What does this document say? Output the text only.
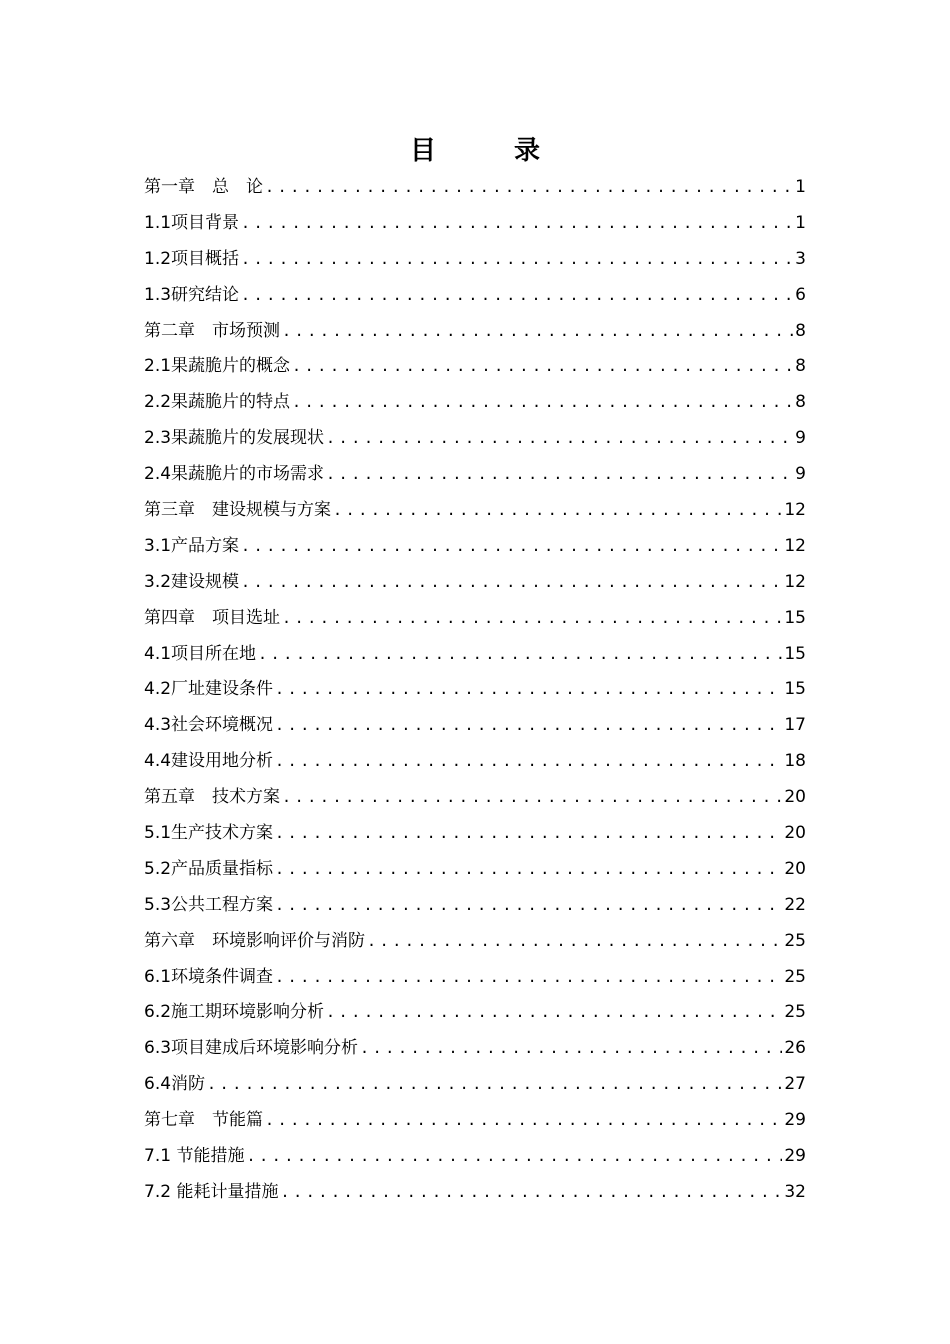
目　录
第一章　总　论 .....	1
1.1项目背景 .....	1
1.2项目概括 .....	3
1.3研究结论 .....	6
第二章　市场预测 .....	8
2.1果蔬脆片的概念 .....	8
2.2果蔬脆片的特点 .....	8
2.3果蔬脆片的发展现状 .....	9
2.4果蔬脆片的市场需求 .....	9
第三章　建设规模与方案 .....	12
3.1产品方案 .....	12
3.2建设规模 .....	12
第四章　项目选址 .....	15
4.1项目所在地 .....	15
4.2厂址建设条件 .....	15
4.3社会环境概况 .....	17
4.4建设用地分析 .....	18
第五章　技术方案 .....	20
5.1生产技术方案 .....	20
5.2产品质量指标 .....	20
5.3公共工程方案 .....	22
第六章　环境影响评价与消防 .....	25
6.1环境条件调查 .....	25
6.2施工期环境影响分析 .....	25
6.3项目建成后环境影响分析 .....	26
6.4消防 .....	27
第七章　节能篇 .....	29
7.1 节能措施 .....	29
7.2 能耗计量措施 .....	32
